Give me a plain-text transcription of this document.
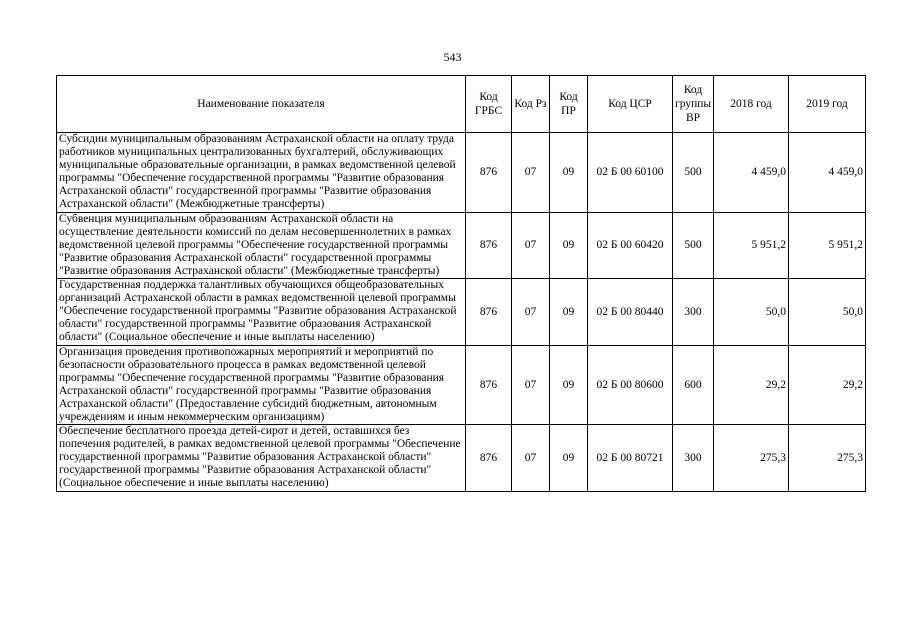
543
Наименование показателя	Код ГРБС	Код Рз	Код ПР	Код ЦСР	Код группы ВР	2018 год	2019 год
Субсидии муниципальным образованиям Астраханской области на оплату труда работников муниципальных централизованных бухгалтерий, обслуживающих муниципальные образовательные организации, в рамках ведомственной целевой программы "Обеспечение государственной программы "Развитие образования Астраханской области" государственной программы "Развитие образования Астраханской области" (Межбюджетные трансферты)	876	07	09	02 Б 00 60100	500	4 459,0	4 459,0
Субвенция муниципальным образованиям Астраханской области на осуществление деятельности комиссий по делам несовершеннолетних в рамках ведомственной целевой программы "Обеспечение государственной программы "Развитие образования Астраханской области" государственной программы "Развитие образования Астраханской области" (Межбюджетные трансферты)	876	07	09	02 Б 00 60420	500	5 951,2	5 951,2
Государственная поддержка талантливых обучающихся общеобразовательных организаций Астраханской области в рамках ведомственной целевой программы "Обеспечение государственной программы "Развитие образования Астраханской области" государственной программы "Развитие образования Астраханской области" (Социальное обеспечение и иные выплаты населению)	876	07	09	02 Б 00 80440	300	50,0	50,0
Организация проведения противопожарных мероприятий и мероприятий по безопасности образовательного процесса в рамках ведомственной целевой программы "Обеспечение государственной программы "Развитие образования Астраханской области" государственной программы "Развитие образования Астраханской области" (Предоставление субсидий бюджетным, автономным учреждениям и иным некоммерческим организациям)	876	07	09	02 Б 00 80600	600	29,2	29,2
Обеспечение бесплатного проезда детей-сирот и детей, оставшихся без попечения родителей, в рамках ведомственной целевой программы "Обеспечение государственной программы "Развитие образования Астраханской области" государственной программы "Развитие образования Астраханской области" (Социальное обеспечение и иные выплаты населению)	876	07	09	02 Б 00 80721	300	275,3	275,3
